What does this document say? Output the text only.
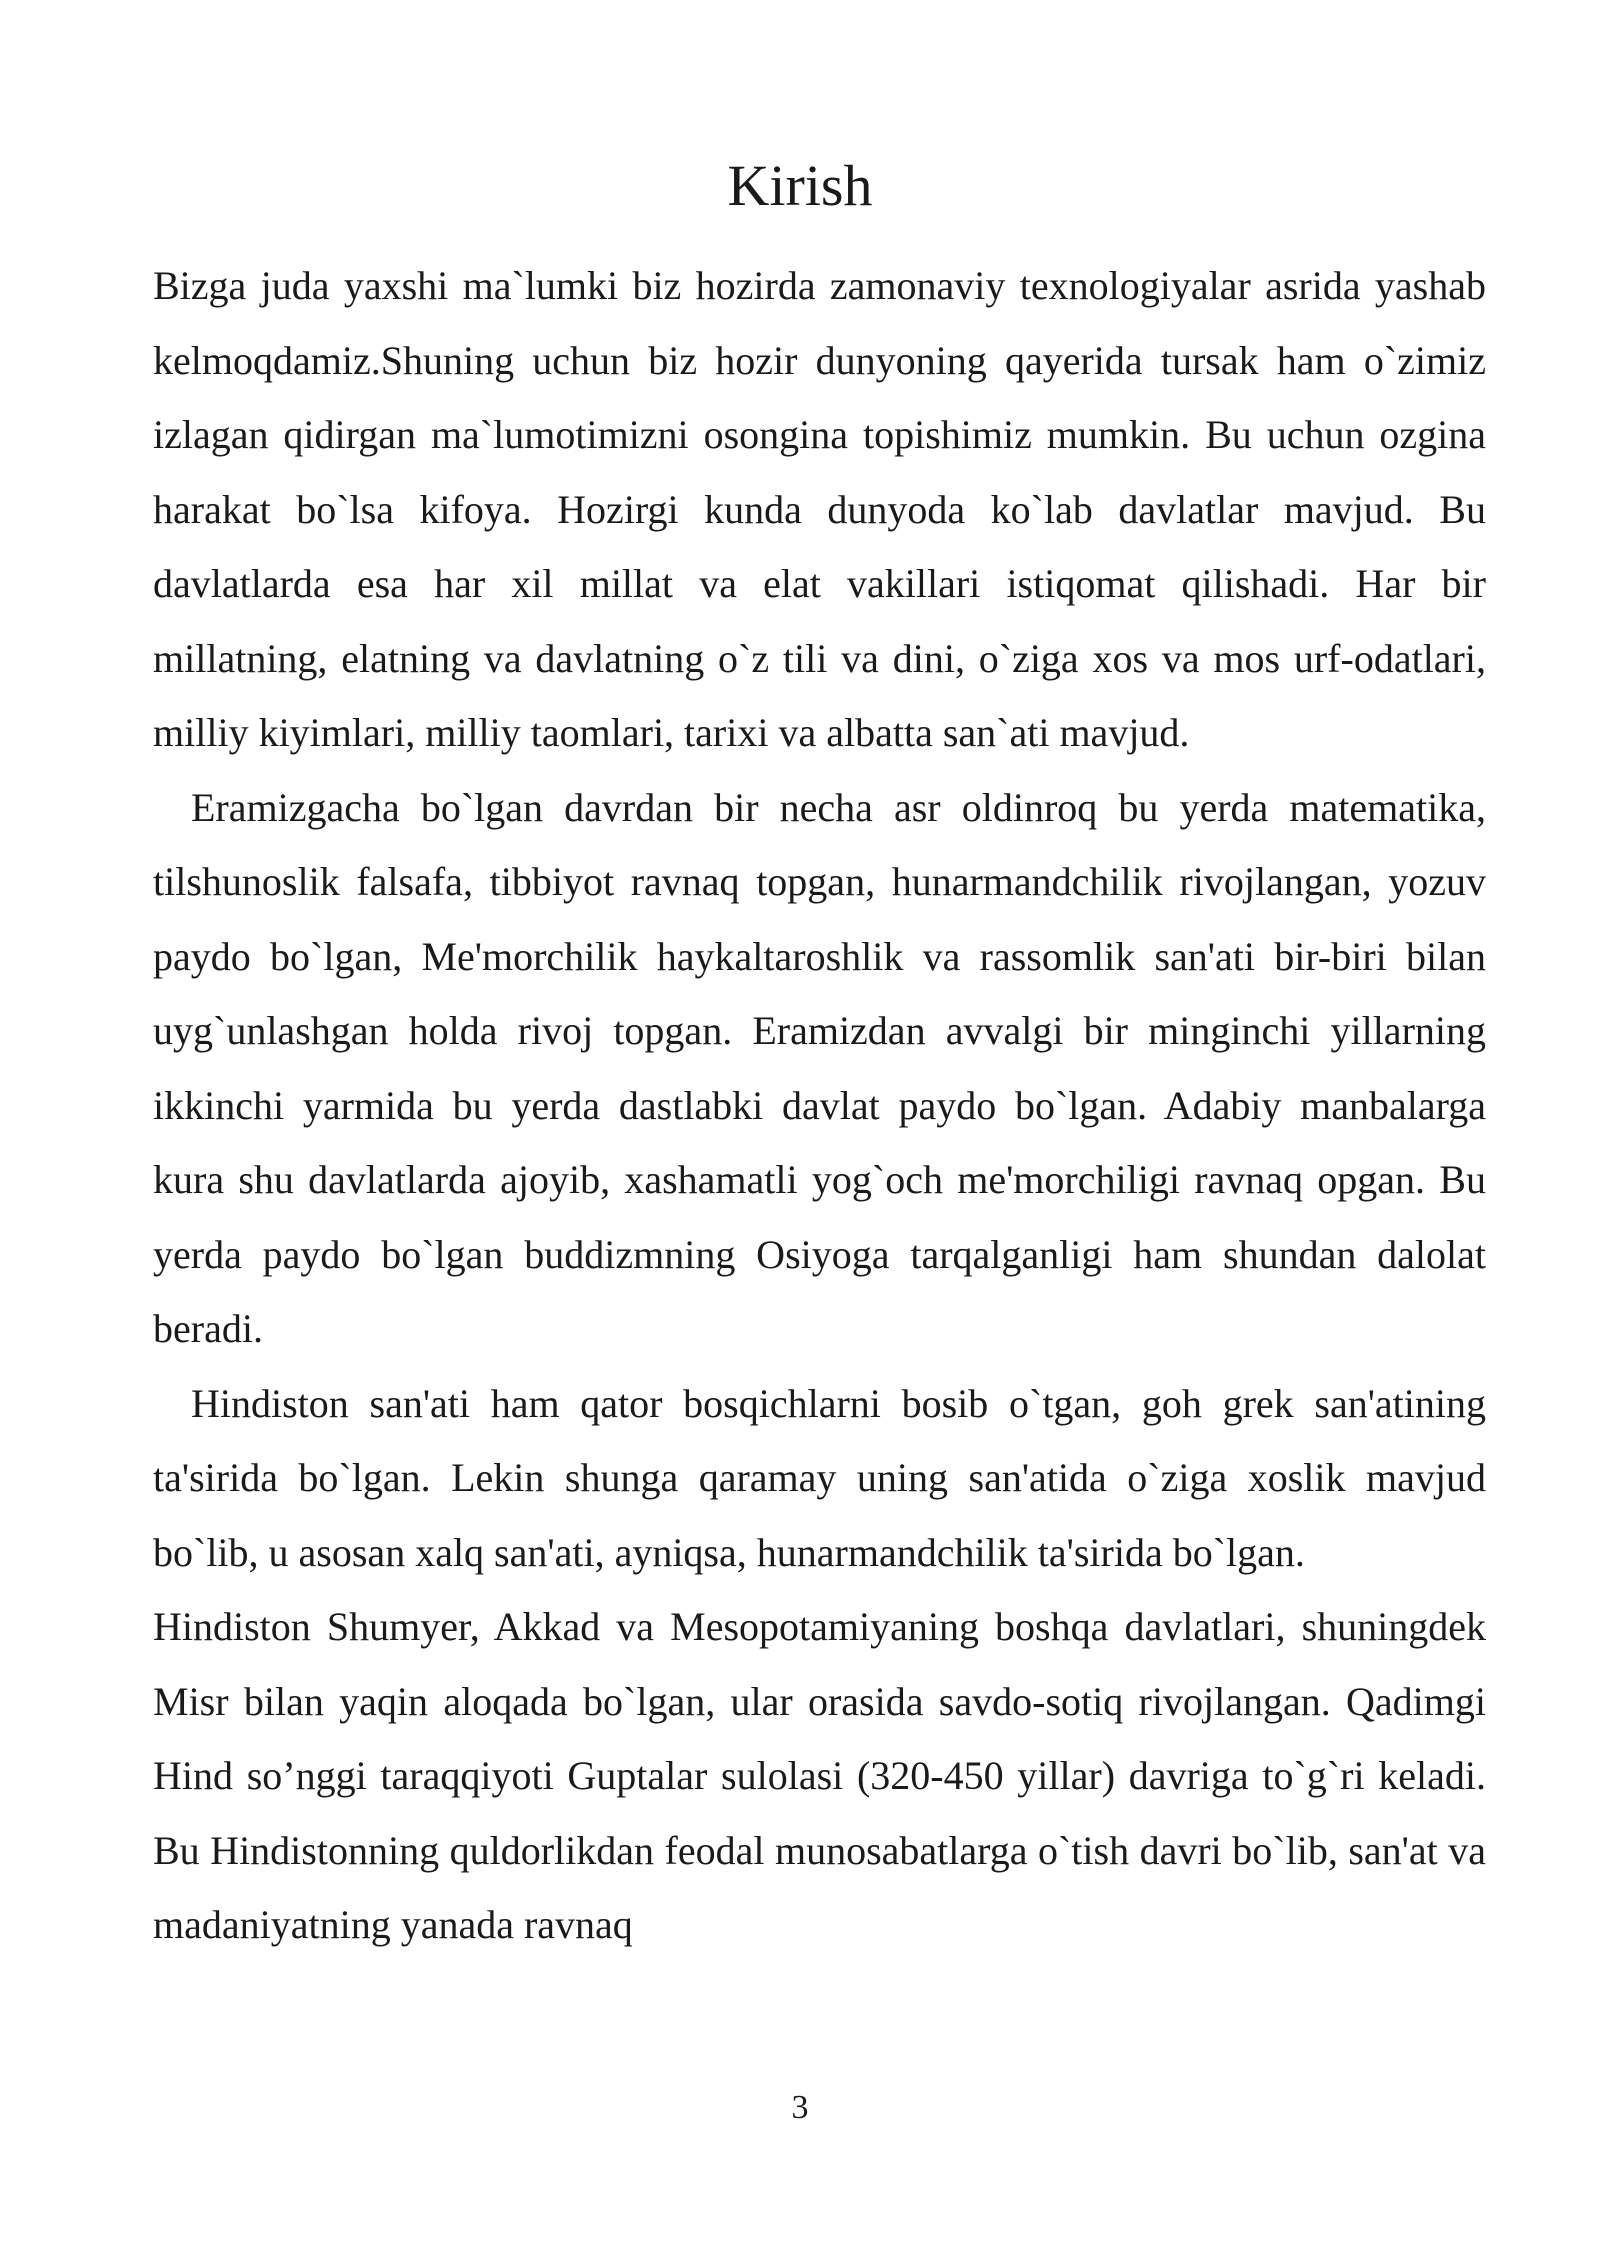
Kirish

Bizga juda yaxshi ma`lumki biz hozirda zamonaviy texnologiyalar asrida yashab kelmoqdamiz.Shuning uchun biz hozir dunyoning qayerida tursak ham o`zimiz izlagan qidirgan ma`lumotimizni osongina topishimiz mumkin. Bu uchun ozgina harakat bo`lsa kifoya. Hozirgi kunda dunyoda ko`lab davlatlar mavjud. Bu davlatlarda esa har xil millat va elat vakillari istiqomat qilishadi. Har bir millatning, elatning va davlatning o`z tili va dini, o`ziga xos va mos urf-odatlari, milliy kiyimlari, milliy taomlari, tarixi va albatta san`ati mavjud.

Eramizgacha bo`lgan davrdan bir necha asr oldinroq bu yerda matematika, tilshunoslik falsafa, tibbiyot ravnaq topgan, hunarmandchilik rivojlangan, yozuv paydo bo`lgan, Me'morchilik haykaltaroshlik va rassomlik san'ati bir-biri bilan uyg`unlashgan holda rivoj topgan. Eramizdan avvalgi bir minginchi yillarning ikkinchi yarmida bu yerda dastlabki davlat paydo bo`lgan. Adabiy manbalarga kura shu davlatlarda ajoyib, xashamatli yog`och me'morchiligi ravnaq opgan. Bu yerda paydo bo`lgan buddizmning Osiyoga tarqalganligi ham shundan dalolat beradi.

Hindiston san'ati ham qator bosqichlarni bosib o`tgan, goh grek san'atining ta'sirida bo`lgan. Lekin shunga qaramay uning san'atida o`ziga xoslik mavjud bo`lib, u asosan xalq san'ati, ayniqsa, hunarmandchilik ta'sirida bo`lgan.

Hindiston Shumyer, Akkad va Mesopotamiyaning boshqa davlatlari, shuningdek Misr bilan yaqin aloqada bo`lgan, ular orasida savdo-sotiq rivojlangan. Qadimgi Hind so’nggi taraqqiyoti Guptalar sulolasi (320-450 yillar) davriga to`g`ri keladi. Bu Hindistonning quldorlikdan feodal munosabatlarga o`tish davri bo`lib, san'at va madaniyatning yanada ravnaq

3
